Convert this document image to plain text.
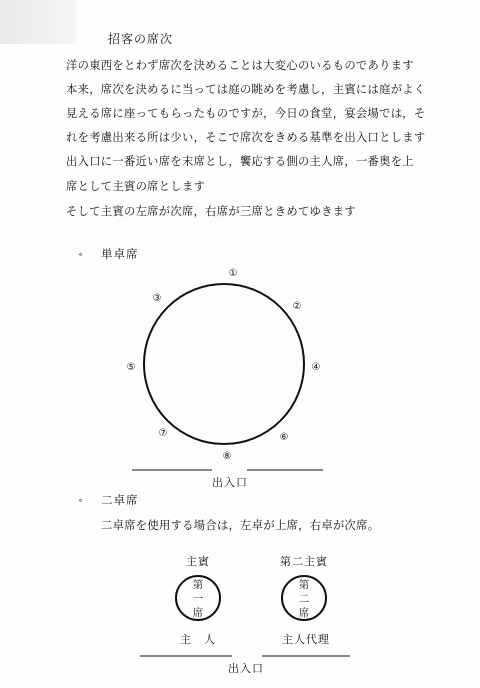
招客の席次
洋の東西をとわず席次を決めることは大変心のいるものであります
本来，席次を決めるに当っては庭の眺めを考慮し，主賓には庭がよく
見える席に座ってもらったものですが，今日の食堂，宴会場では，そ
れを考慮出来る所は少い，そこで席次をきめる基準を出入口とします
出入口に一番近い席を末席とし，饗応する側の主人席，一番奥を上
席として主賓の席とします
そして主賓の左席が次席，右席が三席ときめてゆきます
∘ 単卓席
①
②
③
④
⑤
⑥
⑦
⑧
出入口
∘ 二卓席
二卓席を使用する場合は，左卓が上席，右卓が次席。
主賓	第二主賓
第
一
席
第
二
席
主　人	主人代理
出入口
